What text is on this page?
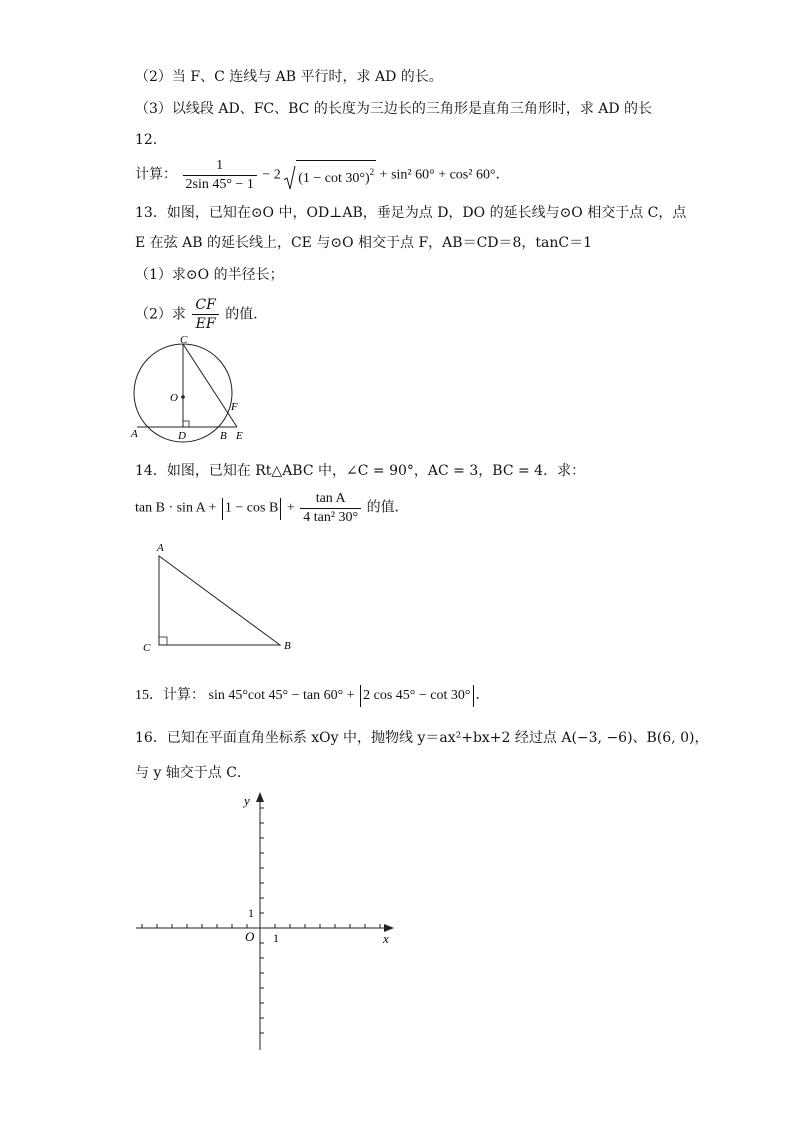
（2）当 F、C 连线与 AB 平行时，求 AD 的长。
（3）以线段 AD、FC、BC 的长度为三边长的三角形是直角三角形时，求 AD 的长
12．
计算： $\frac{1}{2\sin 45^\circ - 1} - 2$ $(1 - \cot 30^\circ)^2 + \sin^2$ 60° + cos² 60°．
13．如图，已知在⊙O 中，OD⊥AB，垂足为点 D，DO 的延长线与⊙O 相交于点 C，点
E 在弦 AB 的延长线上，CE 与⊙O 相交于点 F，AB＝CD＝8，tanC＝1
（1）求⊙O 的半径长；
（2）求 $\frac{CF}{EF}$ 的值．
C
O
F
A	D	B E
14．如图，已知在 Rt△ABC 中，∠C = 90°，AC = 3，BC = 4．求：
$\tan B \cdot \sin A + 1 - \cos B + \frac{\text{tan A}}{\text{4 tan² 30°}}$ 的值．
A
C	B
15．计算： sin 45°cot 45° − tan 60° + 2 cos 45° − cot 30° ．
16．已知在平面直角坐标系 xOy 中，抛物线 y＝ax²+bx+2 经过点 A(−3, −6)、B(6, 0)，
与 y 轴交于点 C．
y
x
O
1
1
